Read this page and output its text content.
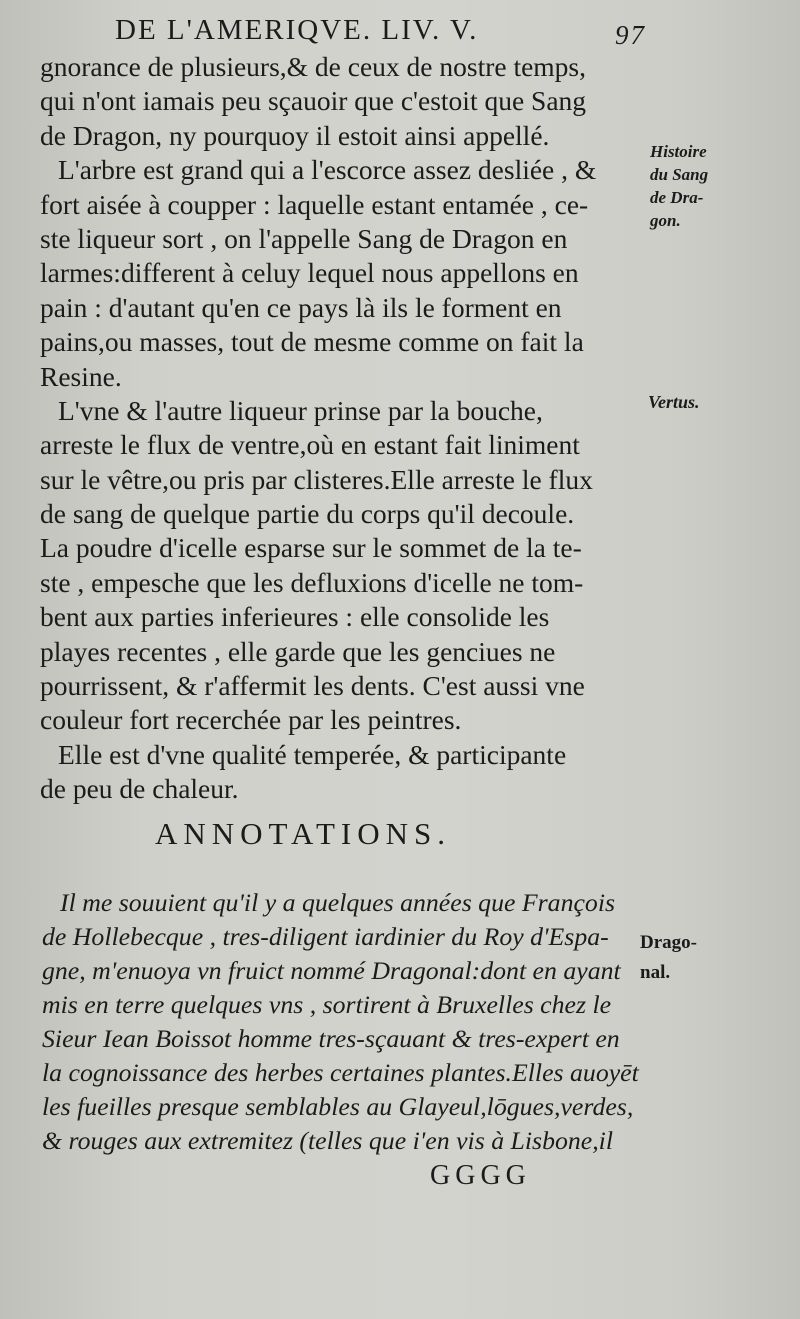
DE L'AMERIQVE. LIV. V.	97
gnorance de plusieurs,& de ceux de nostre temps,
qui n'ont iamais peu sçauoir que c'estoit que Sang
de Dragon, ny pourquoy il estoit ainsi appellé.
L'arbre est grand qui a l'escorce assez desliée , &
fort aisée à coupper : laquelle estant entamée , ce-
ste liqueur sort , on l'appelle Sang de Dragon en
larmes:different à celuy lequel nous appellons en
pain : d'autant qu'en ce pays là ils le forment en
pains,ou masses, tout de mesme comme on fait la
Resine.
L'vne & l'autre liqueur prinse par la bouche,
arreste le flux de ventre,où en estant fait liniment
sur le vêtre,ou pris par clisteres.Elle arreste le flux
de sang de quelque partie du corps qu'il decoule.
La poudre d'icelle esparse sur le sommet de la te-
ste , empesche que les defluxions d'icelle ne tom-
bent aux parties inferieures : elle consolide les
playes recentes , elle garde que les genciues ne
pourrissent, & r'affermit les dents. C'est aussi vne
couleur fort recerchée par les peintres.
Elle est d'vne qualité temperée, & participante
de peu de chaleur.
Histoire
du Sang
de Dra-
gon.
Vertus.
ANNOTATIONS.
Il me souuient qu'il y a quelques années que François
de Hollebecque , tres-diligent iardinier du Roy d'Espa-
gne, m'enuoya vn fruict nommé Dragonal:dont en ayant
mis en terre quelques vns , sortirent à Bruxelles chez le
Sieur Iean Boissot homme tres-sçauant & tres-expert en
la cognoissance des herbes certaines plantes.Elles auoyēt
les fueilles presque semblables au Glayeul,lōgues,verdes,
& rouges aux extremitez (telles que i'en vis à Lisbone,il
Drago-
nal.
GGGG
